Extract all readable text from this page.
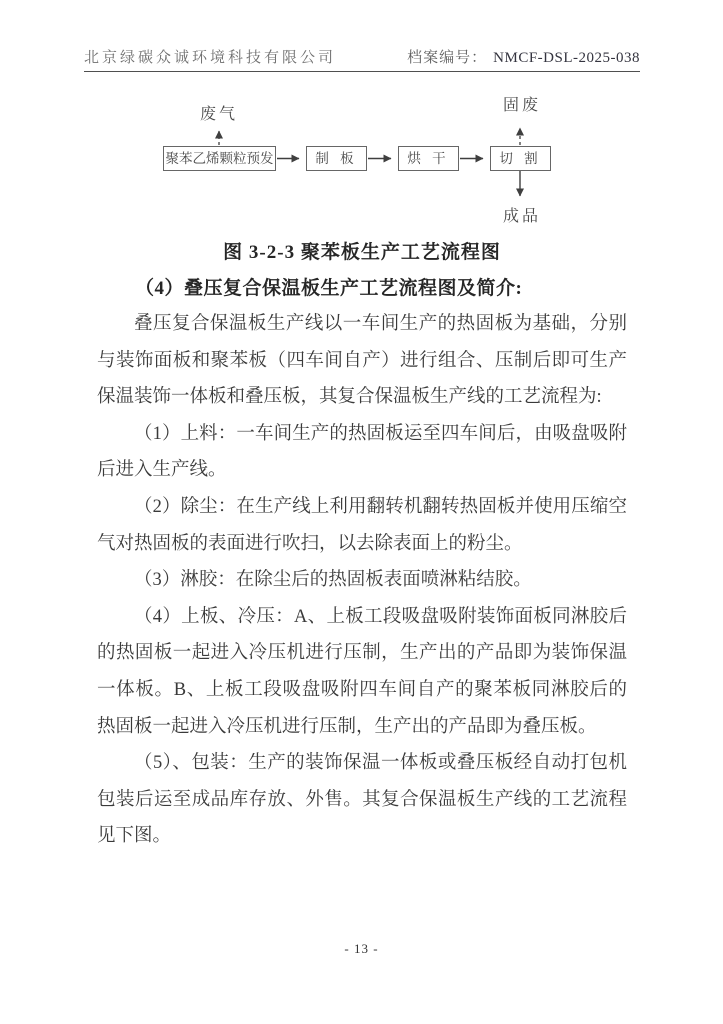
北京绿碳众诚环境科技有限公司	档案编号： NMCF-DSL-2025-038
废气
固废
聚苯乙烯颗粒预发	制 板	烘 干	切 割
成品
图 3-2-3 聚苯板生产工艺流程图
（4）叠压复合保温板生产工艺流程图及简介:

叠压复合保温板生产线以一车间生产的热固板为基础，分别与装饰面板和聚苯板（四车间自产）进行组合、压制后即可生产保温装饰一体板和叠压板，其复合保温板生产线的工艺流程为:

（1）上料：一车间生产的热固板运至四车间后，由吸盘吸附后进入生产线。

（2）除尘：在生产线上利用翻转机翻转热固板并使用压缩空气对热固板的表面进行吹扫，以去除表面上的粉尘。

（3）淋胶：在除尘后的热固板表面喷淋粘结胶。

（4）上板、冷压：A、上板工段吸盘吸附装饰面板同淋胶后的热固板一起进入冷压机进行压制，生产出的产品即为装饰保温一体板。B、上板工段吸盘吸附四车间自产的聚苯板同淋胶后的热固板一起进入冷压机进行压制，生产出的产品即为叠压板。

（5）、包装：生产的装饰保温一体板或叠压板经自动打包机包装后运至成品库存放、外售。其复合保温板生产线的工艺流程见下图。

- 13 -
